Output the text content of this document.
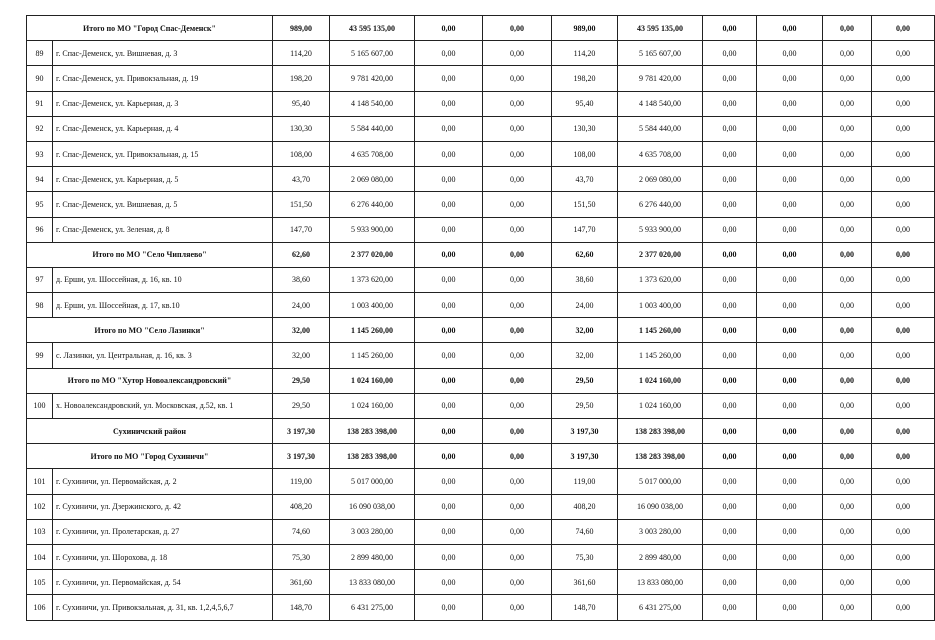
Итого по МО "Город Спас-Деменск"		989,00	43 595 135,00	0,00	0,00	989,00	43 595 135,00	0,00	0,00	0,00	0,00
89	г. Спас-Деменск, ул. Вишневая, д. 3	114,20	5 165 607,00	0,00	0,00	114,20	5 165 607,00	0,00	0,00	0,00	0,00
90	г. Спас-Деменск, ул. Привокзальная, д. 19	198,20	9 781 420,00	0,00	0,00	198,20	9 781 420,00	0,00	0,00	0,00	0,00
91	г. Спас-Деменск, ул. Карьерная, д. 3	95,40	4 148 540,00	0,00	0,00	95,40	4 148 540,00	0,00	0,00	0,00	0,00
92	г. Спас-Деменск, ул. Карьерная, д. 4	130,30	5 584 440,00	0,00	0,00	130,30	5 584 440,00	0,00	0,00	0,00	0,00
93	г. Спас-Деменск, ул. Привокзальная, д. 15	108,00	4 635 708,00	0,00	0,00	108,00	4 635 708,00	0,00	0,00	0,00	0,00
94	г. Спас-Деменск, ул. Карьерная, д. 5	43,70	2 069 080,00	0,00	0,00	43,70	2 069 080,00	0,00	0,00	0,00	0,00
95	г. Спас-Деменск, ул. Вишневая, д. 5	151,50	6 276 440,00	0,00	0,00	151,50	6 276 440,00	0,00	0,00	0,00	0,00
96	г. Спас-Деменск, ул. Зеленая, д. 8	147,70	5 933 900,00	0,00	0,00	147,70	5 933 900,00	0,00	0,00	0,00	0,00
Итого по МО "Село Чипляево"		62,60	2 377 020,00	0,00	0,00	62,60	2 377 020,00	0,00	0,00	0,00	0,00
97	д. Ерши, ул. Шоссейная, д. 16, кв. 10	38,60	1 373 620,00	0,00	0,00	38,60	1 373 620,00	0,00	0,00	0,00	0,00
98	д. Ерши, ул. Шоссейная, д. 17, кв.10	24,00	1 003 400,00	0,00	0,00	24,00	1 003 400,00	0,00	0,00	0,00	0,00
Итого по МО "Село Лазинки"		32,00	1 145 260,00	0,00	0,00	32,00	1 145 260,00	0,00	0,00	0,00	0,00
99	с. Лазинки, ул. Центральная, д. 16, кв. 3	32,00	1 145 260,00	0,00	0,00	32,00	1 145 260,00	0,00	0,00	0,00	0,00
Итого по МО "Хутор Новоалександровский"		29,50	1 024 160,00	0,00	0,00	29,50	1 024 160,00	0,00	0,00	0,00	0,00
100	х. Новоалександровский, ул. Московская, д.52, кв. 1	29,50	1 024 160,00	0,00	0,00	29,50	1 024 160,00	0,00	0,00	0,00	0,00
Сухиничский район		3 197,30	138 283 398,00	0,00	0,00	3 197,30	138 283 398,00	0,00	0,00	0,00	0,00
Итого по МО "Город Сухиничи"		3 197,30	138 283 398,00	0,00	0,00	3 197,30	138 283 398,00	0,00	0,00	0,00	0,00
101	г. Сухиничи, ул. Первомайская, д. 2	119,00	5 017 000,00	0,00	0,00	119,00	5 017 000,00	0,00	0,00	0,00	0,00
102	г. Сухиничи, ул. Дзержинского, д. 42	408,20	16 090 038,00	0,00	0,00	408,20	16 090 038,00	0,00	0,00	0,00	0,00
103	г. Сухиничи, ул. Пролетарская, д. 27	74,60	3 003 280,00	0,00	0,00	74,60	3 003 280,00	0,00	0,00	0,00	0,00
104	г. Сухиничи, ул. Шорохова, д. 18	75,30	2 899 480,00	0,00	0,00	75,30	2 899 480,00	0,00	0,00	0,00	0,00
105	г. Сухиничи, ул. Первомайская, д. 54	361,60	13 833 080,00	0,00	0,00	361,60	13 833 080,00	0,00	0,00	0,00	0,00
106	г. Сухиничи, ул. Привокзальная, д. 31, кв. 1,2,4,5,6,7	148,70	6 431 275,00	0,00	0,00	148,70	6 431 275,00	0,00	0,00	0,00	0,00
